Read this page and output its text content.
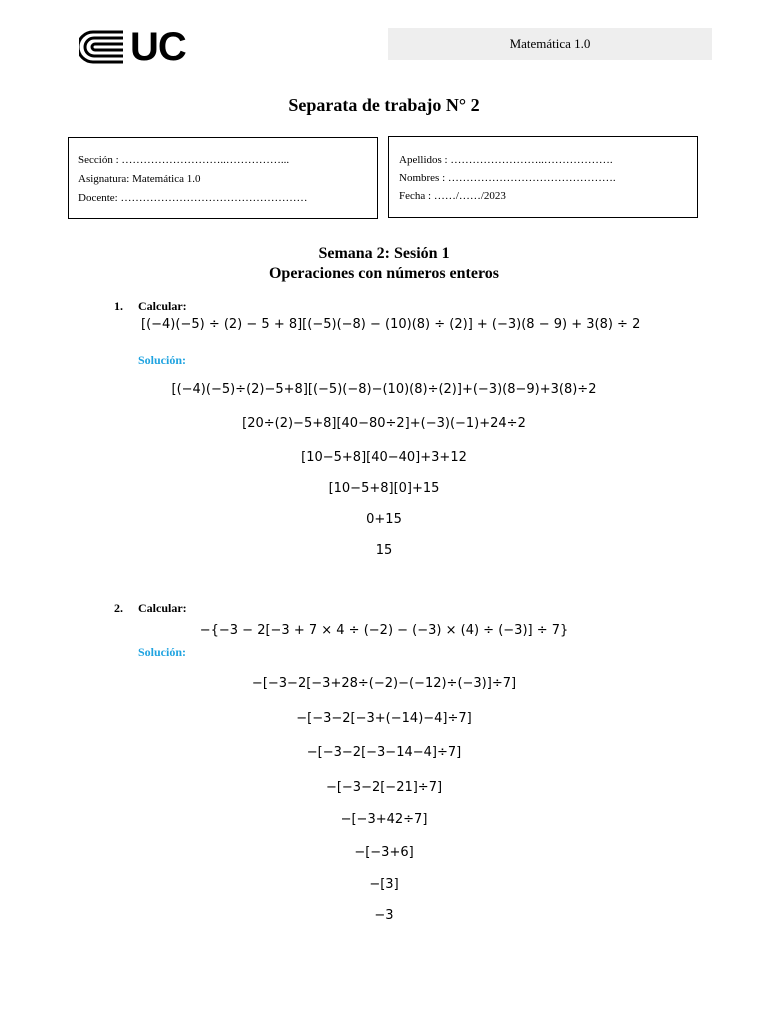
UC	Matemática 1.0
Separata de trabajo N° 2
Sección : ………………………..……………...
Asignatura: Matemática 1.0
Docente: ……………………………………………
Apellidos : ……………………..……………….
Nombres : ……………………………………….
Fecha : ……/……/2023
Semana 2: Sesión 1
Operaciones con números enteros
1. Calcular:
[(−4)(−5) ÷ (2) − 5 + 8][(−5)(−8) − (10)(8) ÷ (2)] + (−3)(8 − 9) + 3(8) ÷ 2
Solución:
[(−4)(−5)÷(2)−5+8][(−5)(−8)−(10)(8)÷(2)]+(−3)(8−9)+3(8)÷2
[20÷(2)−5+8][40−80÷2]+(−3)(−1)+24÷2
[10−5+8][40−40]+3+12
[10−5+8][0]+15
0+15
15
2. Calcular:
−{−3 − 2[−3 + 7 × 4 ÷ (−2) − (−3) × (4) ÷ (−3)] ÷ 7}
Solución:
−[−3−2[−3+28÷(−2)−(−12)÷(−3)]÷7]
−[−3−2[−3+(−14)−4]÷7]
−[−3−2[−3−14−4]÷7]
−[−3−2[−21]÷7]
−[−3+42÷7]
−[−3+6]
−[3]
−3
